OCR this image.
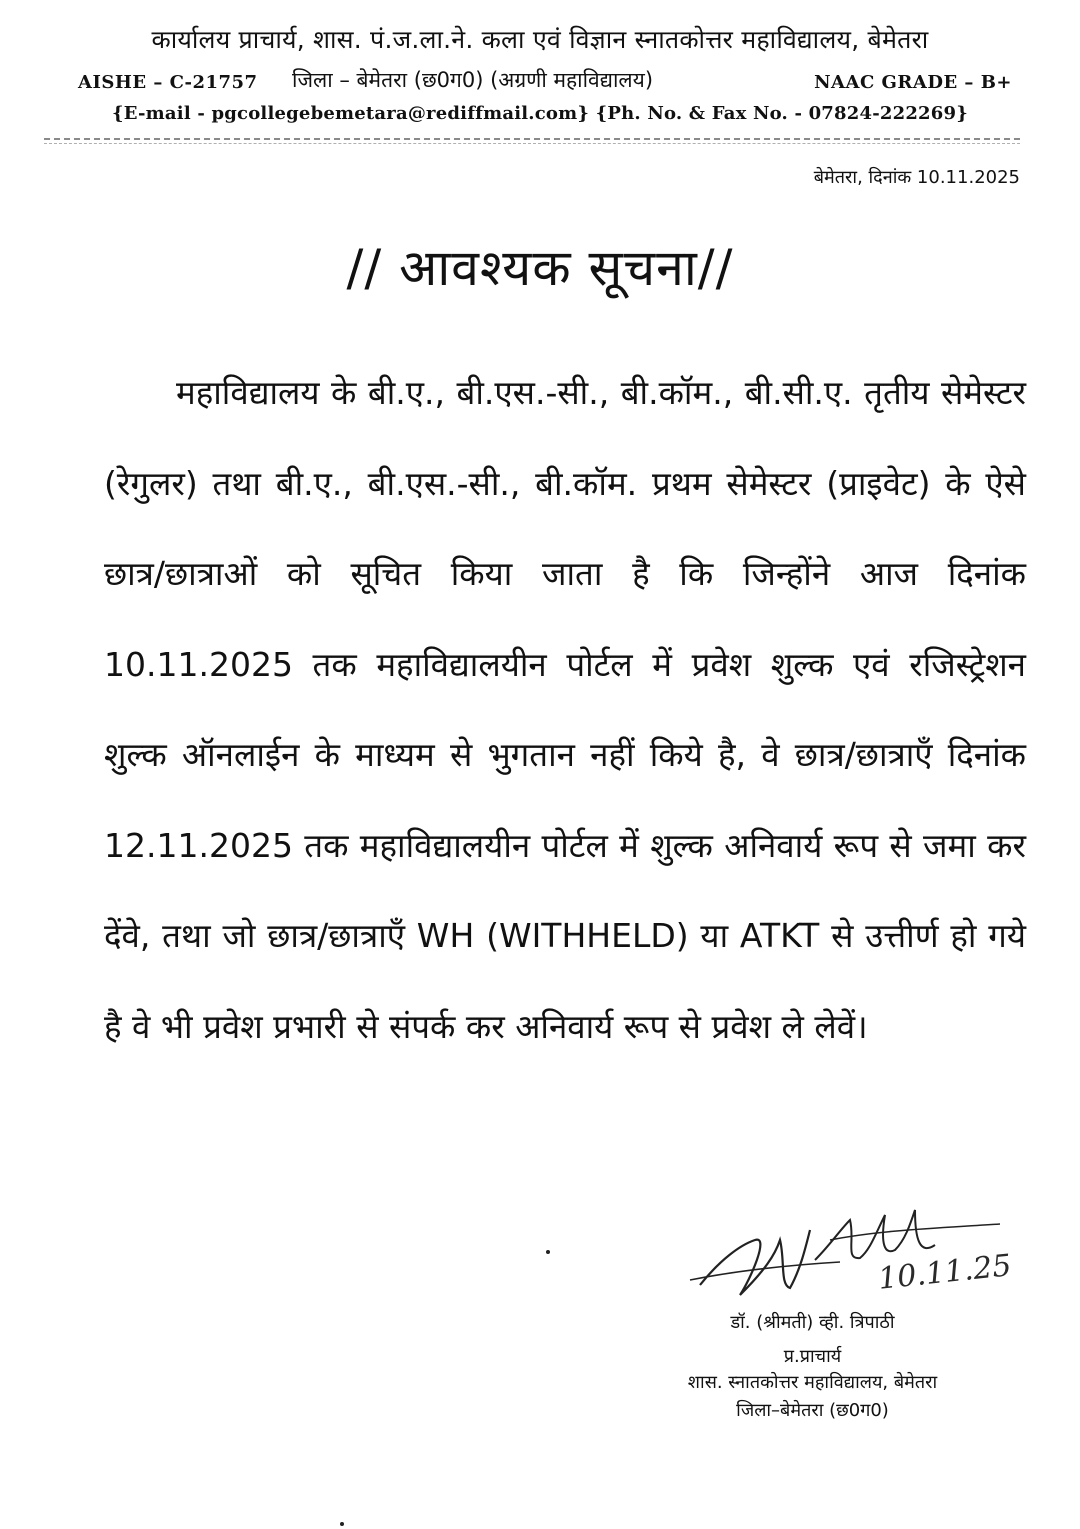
कार्यालय प्राचार्य, शास. पं.ज.ला.ने. कला एवं विज्ञान स्नातकोत्तर महाविद्यालय, बेमेतरा
AISHE – C-21757 जिला – बेमेतरा (छ0ग0) (अग्रणी महाविद्यालय)	NAAC GRADE – B+
{E-mail - pgcollegebemetara@rediffmail.com} {Ph. No. & Fax No. - 07824-222269}
बेमेतरा, दिनांक 10.11.2025
// आवश्यक सूचना//

महाविद्यालय के बी.ए., बी.एस.-सी., बी.कॉम., बी.सी.ए. तृतीय सेमेस्टर (रेगुलर) तथा बी.ए., बी.एस.-सी., बी.कॉम. प्रथम सेमेस्टर (प्राइवेट) के ऐसे छात्र/छात्राओं को सूचित किया जाता है कि जिन्होंने आज दिनांक 10.11.2025 तक महाविद्यालयीन पोर्टल में प्रवेश शुल्क एवं रजिस्ट्रेशन शुल्क ऑनलाईन के माध्यम से भुगतान नहीं किये है, वे छात्र/छात्राएँ दिनांक 12.11.2025 तक महाविद्यालयीन पोर्टल में शुल्क अनिवार्य रूप से जमा कर देंवे, तथा जो छात्र/छात्राएँ WH (WITHHELD) या ATKT से उत्तीर्ण हो गये है वे भी प्रवेश प्रभारी से संपर्क कर अनिवार्य रूप से प्रवेश ले लेवें।

10.11.25
डॉ. (श्रीमती) व्ही. त्रिपाठी
प्र.प्राचार्य
शास. स्नातकोत्तर महाविद्यालय, बेमेतरा
जिला–बेमेतरा (छ0ग0)
